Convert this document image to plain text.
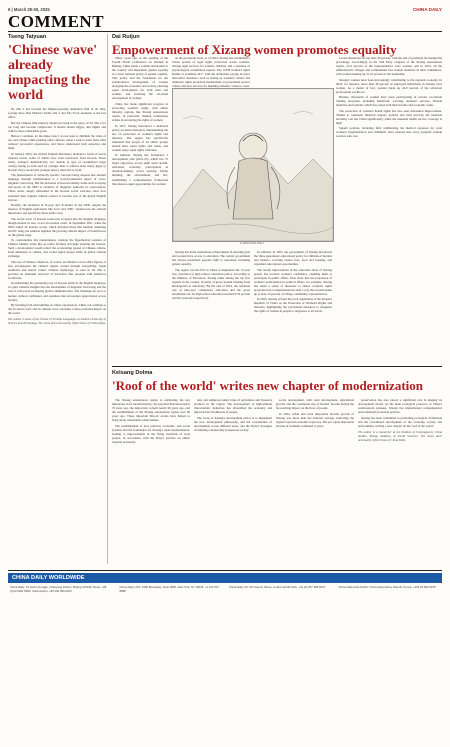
6 | March 28-30, 2025	CHINA DAILY
COMMENT
Tseng Taiyuan
'Chinese wave' already impacting the world

Ne Zha 2 has become the highest-grossing animation film of all time, scoring more than Disney's Inside Out 2 and The Force Awakens at the box office.

But the Chinese film industry should not bask in the glory of Ne Zha 2 for too long and become complacent. It should dream bigger, aim higher and achieve more remarkable goals.

Before I continue, let me make clear I do not seek to diminish the value of our own culture while praising other cultures; rather I seek to learn from other cultures' successful experiences, and hence understand both ourselves and them.

In January 2025, the Oxford English Dictionary included a batch of newly adopted words, some of which were even loanwords from Korean. These terms, arranged alphabetically, are: daebak (a type of caramelized sugar candy), hyung (a term used by younger men to address elder men), jjigae (a Korean stew), noona (the younger sister), unni and so forth.

The phenomenon of culturally specific concepts being adopted into another language through transliteration is a well-documented aspect of cross-linguistic borrowing. But the inclusion of Korean identity terms such as hyung and noona in the OED is evidence of linguistic authority in conversation. These terms, deeply embedded in the Korean social structure, have now extended their original cultural context to become part of the global English lexicon.

Notably, the inclusion of 'K-pop' and 'K-drama' in the OED, despite the absence of English equivalents like 'love' and 'ABC', underscores the cultural importance and specificity these terms carry.

The recent wave of Korean loanwords accepted into the English language, though modest in size, is not an isolated event. In September 2021, when the OED added 26 Korean words, which included those like hanbok, mukbang and PC bang, the addition signaled the growing cultural impact of South Korea on the global stage.

To contextualize this phenomenon, consider the hypothetical scenario of Chinese identity terms like ge (elder brother) and jiejie entering the lexicon. Such a development would reflect the accelerating spread of Chinese culture, from animation to cuisine, and would signal deeper shifts in global cultural exchange.

The role of Chinese cinema is, of course, not limited to box-office figures; it also encompasses the cultural signals carried through storytelling, visual aesthetics and shared values. Chinese mythology, as seen in Ne Zha 2, provides an abundant reservoir of narratives that resonate with audiences worldwide.

In underlining the pioneering role of Korean terms in the English language, we gain valuable insights into the mechanisms of linguistic borrowing and the role of soft power in shaping global communication. The challenge for us is to nurture cultural confidence and openness that encourages appreciation across borders.

By learning from and building on others' experiences, China can continue to tell its stories well, and its cultural wave can make a more profound impact on the world.

The author is dean of the School of Foreign Languages at Suzhou University of Science and Technology. The views don't necessarily reflect those of China Daily.
Dai Ruijun
Empowerment of Xizang women promotes equality

Thirty years ago, at the opening of the Fourth World Conference on Women in Beijing, China made a solemn declaration to the country will implement gender equality as a basic national policy of gender equality. This policy laid the foundation for the synchronized development of women alongside the economic and society, ensuring equal development for both men and women, and fostering the all-round development of women.

China has made significant progress in protecting women's rights, with ethnic minority regions, like Xizang autonomous region, in particular, making tremendous strides in advancing the rights of women.

In 1957, Xizang introduced a dedicated policy on democratization, implementing the law on protection of women's rights and interests. The region has specifically stipulated that people of all ethnic groups should have equal rights and status, and women enjoy equal rights with men.

In addition, Xizang has formulated a development plan (2021-25), which has 75 major objectives, across eight areas: health, education, economy, participation in decision-making, social security, family building, the environment, and law, establishing a comprehensive framework that ensures equal opportunities for women.

At the provincial level, as of 2024, Xizang has established a robust system of legal rights protection across counties. Xizang legal services for women, children, and a database of psychological consultation experts. The 12338 women's rights hotline is available 24/7, with the authorities paying in place innovative measures, such as setting up women's centers and children's rights protection mechanisms at government service centers and new services for handling domestic violence cases.

LI MIN/CHINA DAILY

Xizang has made tremendous achievements in ensuring girls and women have access to education. The central government has always prioritized people's right to education, including gender equality.

The region was the first in China to implement the 15-year free, preschool to high school, education policy. According to the Ministry of Education, Xizang ranks among the top five regions in the country in terms of gross student funding from kindergarten to university. By the end of 2024, the retention rate of nine-year compulsory education and the gross enrollment rate for high school education reached 97.8 percent and 92.2 percent respectively.

In addition, in 1995, the government of Xizang introduced the 'three guarantees' educational policy for children of herders and farmers, covering tuition fees, food and housing, and expanded educational opportunities.

The steady improvement in the education level of Xizang people has boosted women's confidence, enabling them to participate in public affairs. Data show that the proportion of women's participation in political affairs, for example, Xizang has taken a series of measures to ensure women's rights protection law is implemented in such a way that women make up at least 25 percent of village community representatives.

In 2023, Xizang revised the local regulations of the People's Republic of China on the Protection of Women's Rights and Interests, highlighting the provisional measures to safeguard the rights of women in people's congresses at all levels.

Levels should not be less than 30 percent, with the aim of gradually increasing this percentage. Accordingly, in the 10th Party congress of the Xizang autonomous region, 25.4 percent of the representatives were women, and in 2023, all the administrative villages and communities had women members in their committees, with women making up 31.41 percent of the leadership.

Xizang's women have been increasingly contributing to the regional economy. In 2023, for instance, more than 48 percent of employed individuals in Xizang were women. As a matter of fact, women made up 42.9 percent of the advanced professional workforce.

Besides, thousands of women have been participating in various vocational training programs, including handicraft, weaving, domestic services, Tibetan medicine and tourism, which has raised both their income and economic status.

The protection of women's health rights has also seen substantial improvement. Thanks to consistent financial support, policies and rural services, the maternal mortality rate has fallen significantly, while the maternal health service coverage is high.

Superb policies, including fully reimbursing the medical expenses for rural women's hospitalization and childbirth, have ensured that every pregnant woman receives safe care.

Kelsang Dolma
'Roof of the world' writes new chapter of modernization

The Xizang autonomous region is celebrating the key milestones in its modern history: the peaceful liberation nearly 70 years ago, the democratic reform nearly 66 years ago, and the establishment of the Xizang autonomous region over 60 years ago. These important historic events have helped to bring about remarkable achievements.

The establishment of new political, economic, and social systems laid the foundation for Xizang's rapid modernization, leading to improvements in the living standards of local people, in accordance with the Party's policies on ethnic regional autonomy.

lent, and enhanced added value of agriculture and livestock products in the region. The development of high-altitude characteristic industries has diversified the economy and improved the livelihoods of people.

The focus of Xizang's development policy is to implement the new development philosophy, and the coordination of development across different areas, and the Party's strategies of building a moderately prosperous society.

social development, with rural development, agricultural growth, and the continuous rise of herders' income having the far-reaching impact on the lives of people.

In 2024, urban and rural disposable income growth of Xizang was more than the national average, indicating the region's upward economic trajectory. The per capita disposable income of residents continued to grow.

preservation has also placed a significant role in shaping its development model. As the main ecological protector of China's southwestern plateaus, Xizang has implemented comprehensive environmental protection policies.

Xizang has been committed to promoting ecological civilization and the coordinated development of the economy, society and environment, writing a new chapter on the 'roof of the world'.

The author is a researcher at the Institute of Contemporary China Studies, Xizang Academy of Social Sciences. The views don't necessarily reflect those of China Daily.
CHINA DAILY WORLDWIDE
China Daily: 15 Huixin Dongjie, Chaoyang District, Beijing 100029. News: +86 (0)10 6491 8366. Subscription: +86 400 699 0203
China Daily USA: 1500 Broadway, Suite 2800, New York, NY 10036. +1 212 537 8888
China Daily UK: 90 Cannon Street, London EC4N 6HA. +44 (0) 207 398 8270	China Daily Asia Pacific: China Daily Africa, Nairobi, Kenya. +254 20 692 0978
